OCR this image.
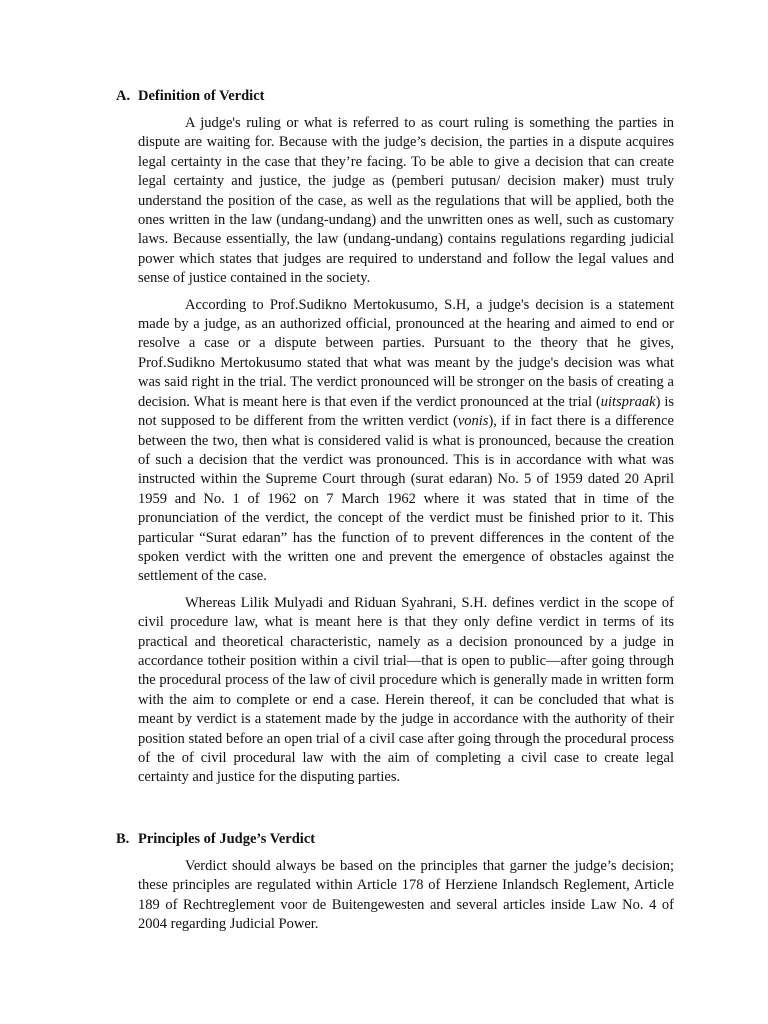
A. Definition of Verdict

A judge's ruling or what is referred to as court ruling is something the parties in dispute are waiting for. Because with the judge’s decision, the parties in a dispute acquires legal certainty in the case that they’re facing. To be able to give a decision that can create legal certainty and justice, the judge as (pemberi putusan/ decision maker) must truly understand the position of the case, as well as the regulations that will be applied, both the ones written in the law (undang-undang) and the unwritten ones as well, such as customary laws. Because essentially, the law (undang-undang) contains regulations regarding judicial power which states that judges are required to understand and follow the legal values and sense of justice contained in the society.

According to Prof.Sudikno Mertokusumo, S.H, a judge's decision is a statement made by a judge, as an authorized official, pronounced at the hearing and aimed to end or resolve a case or a dispute between parties. Pursuant to the theory that he gives, Prof.Sudikno Mertokusumo stated that what was meant by the judge's decision was what was said right in the trial. The verdict pronounced will be stronger on the basis of creating a decision. What is meant here is that even if the verdict pronounced at the trial (uitspraak) is not supposed to be different from the written verdict (vonis), if in fact there is a difference between the two, then what is considered valid is what is pronounced, because the creation of such a decision that the verdict was pronounced. This is in accordance with what was instructed within the Supreme Court through (surat edaran) No. 5 of 1959 dated 20 April 1959 and No. 1 of 1962 on 7 March 1962 where it was stated that in time of the pronunciation of the verdict, the concept of the verdict must be finished prior to it. This particular “Surat edaran” has the function of to prevent differences in the content of the spoken verdict with the written one and prevent the emergence of obstacles against the settlement of the case.

Whereas Lilik Mulyadi and Riduan Syahrani, S.H. defines verdict in the scope of civil procedure law, what is meant here is that they only define verdict in terms of its practical and theoretical characteristic, namely as a decision pronounced by a judge in accordance totheir position within a civil trial—that is open to public—after going through the procedural process of the law of civil procedure which is generally made in written form with the aim to complete or end a case. Herein thereof, it can be concluded that what is meant by verdict is a statement made by the judge in accordance with the authority of their position stated before an open trial of a civil case after going through the procedural process of the of civil procedural law with the aim of completing a civil case to create legal certainty and justice for the disputing parties.

B. Principles of Judge’s Verdict

Verdict should always be based on the principles that garner the judge’s decision; these principles are regulated within Article 178 of Herziene Inlandsch Reglement, Article 189 of Rechtreglement voor de Buitengewesten and several articles inside Law No. 4 of 2004 regarding Judicial Power.
